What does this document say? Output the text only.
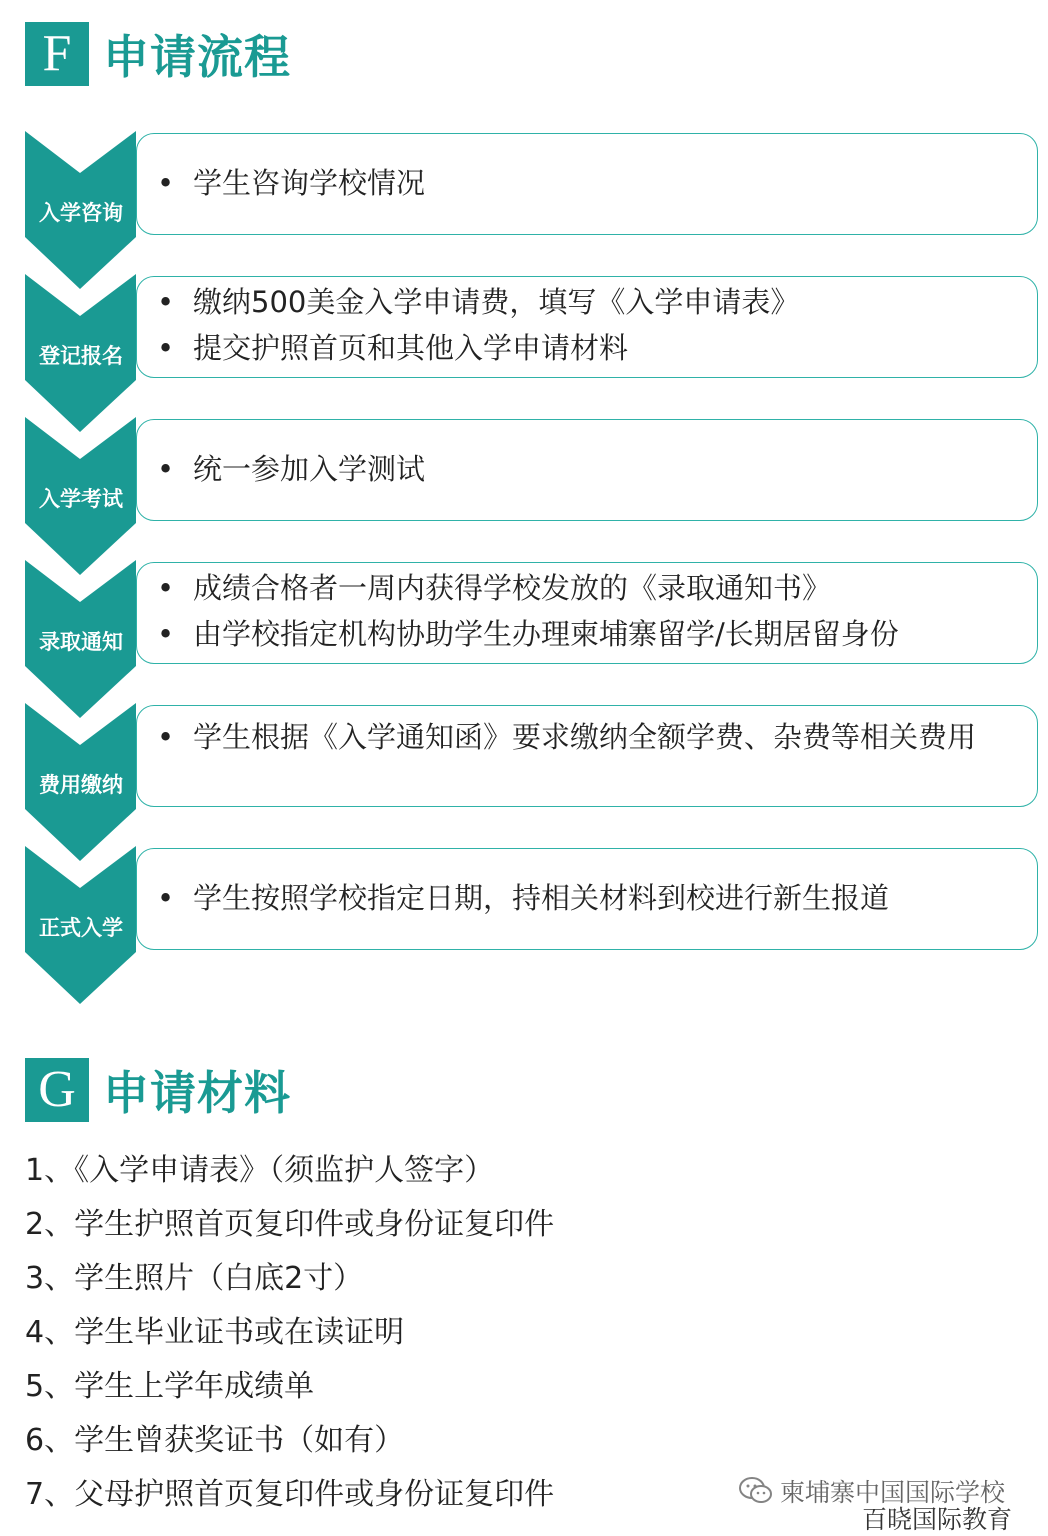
F 申请流程
入学咨询
• 学生咨询学校情况
登记报名
• 缴纳500美金入学申请费，填写《入学申请表》
• 提交护照首页和其他入学申请材料
入学考试
• 统一参加入学测试
录取通知
• 成绩合格者一周内获得学校发放的《录取通知书》
• 由学校指定机构协助学生办理柬埔寨留学/长期居留身份
费用缴纳
• 学生根据《入学通知函》要求缴纳全额学费、杂费等相关费用
正式入学
• 学生按照学校指定日期，持相关材料到校进行新生报道
G 申请材料
1、《入学申请表》（须监护人签字）
2、学生护照首页复印件或身份证复印件
3、学生照片（白底2寸）
4、学生毕业证书或在读证明
5、学生上学年成绩单
6、学生曾获奖证书（如有）
7、父母护照首页复印件或身份证复印件	柬埔寨中国国际学校
百晓国际教育
